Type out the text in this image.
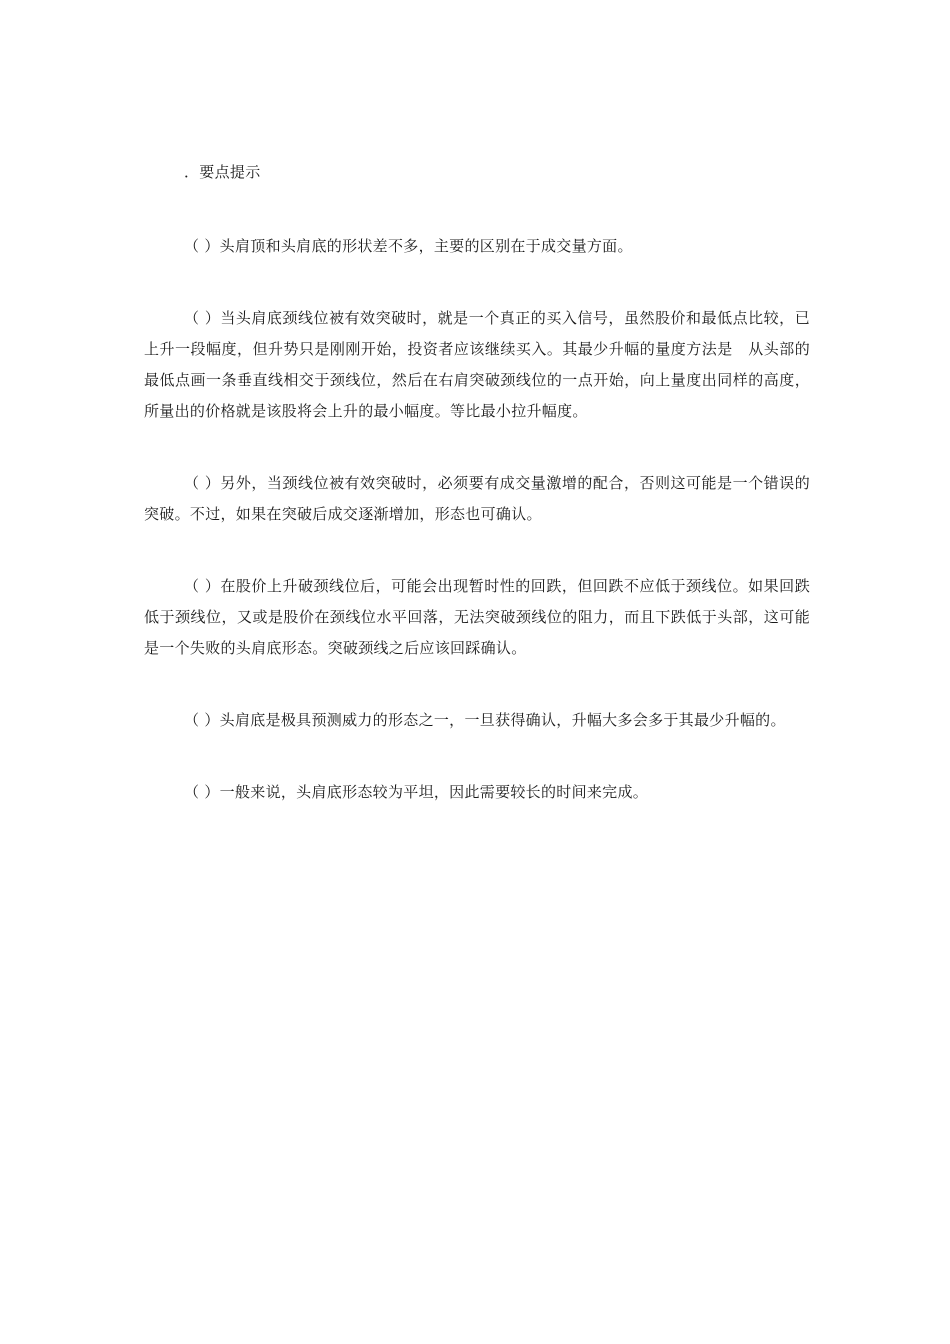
．要点提示

（ ）头肩顶和头肩底的形状差不多，主要的区别在于成交量方面。

（ ）当头肩底颈线位被有效突破时，就是一个真正的买入信号，虽然股价和最低点比较，已上升一段幅度，但升势只是刚刚开始，投资者应该继续买入。其最少升幅的量度方法是　从头部的最低点画一条垂直线相交于颈线位，然后在右肩突破颈线位的一点开始，向上量度出同样的高度，所量出的价格就是该股将会上升的最小幅度。等比最小拉升幅度。

（ ）另外，当颈线位被有效突破时，必须要有成交量激增的配合，否则这可能是一个错误的突破。不过，如果在突破后成交逐渐增加，形态也可确认。

（ ）在股价上升破颈线位后，可能会出现暂时性的回跌，但回跌不应低于颈线位。如果回跌低于颈线位，又或是股价在颈线位水平回落，无法突破颈线位的阻力，而且下跌低于头部，这可能是一个失败的头肩底形态。突破颈线之后应该回踩确认。

（ ）头肩底是极具预测威力的形态之一，一旦获得确认，升幅大多会多于其最少升幅的。

（ ）一般来说，头肩底形态较为平坦，因此需要较长的时间来完成。
